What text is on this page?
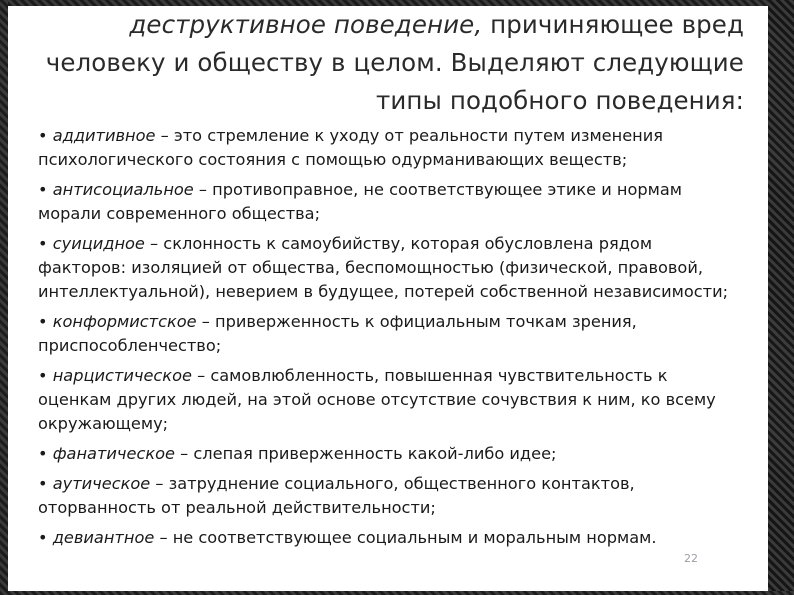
деструктивное поведение, причиняющее вред
человеку и обществу в целом. Выделяют следующие
типы подобного поведения:
• аддитивное – это стремление к уходу от реальности путем изменения психологического состояния с помощью одурманивающих веществ;
• антисоциальное – противоправное, не соответствующее этике и нормам морали современного общества;
• суицидное – склонность к самоубийству, которая обусловлена рядом факторов: изоляцией от общества, беспомощностью (физической, правовой, интеллектуальной), неверием в будущее, потерей собственной независимости;
• конформистское – приверженность к официальным точкам зрения, приспособленчество;
• нарцистическое – самовлюбленность, повышенная чувствительность к оценкам других людей, на этой основе отсутствие сочувствия к ним, ко всему окружающему;
• фанатическое – слепая приверженность какой-либо идее;
• аутическое – затруднение социального, общественного контактов, оторванность от реальной действительности;
• девиантное – не соответствующее социальным и моральным нормам.
22
